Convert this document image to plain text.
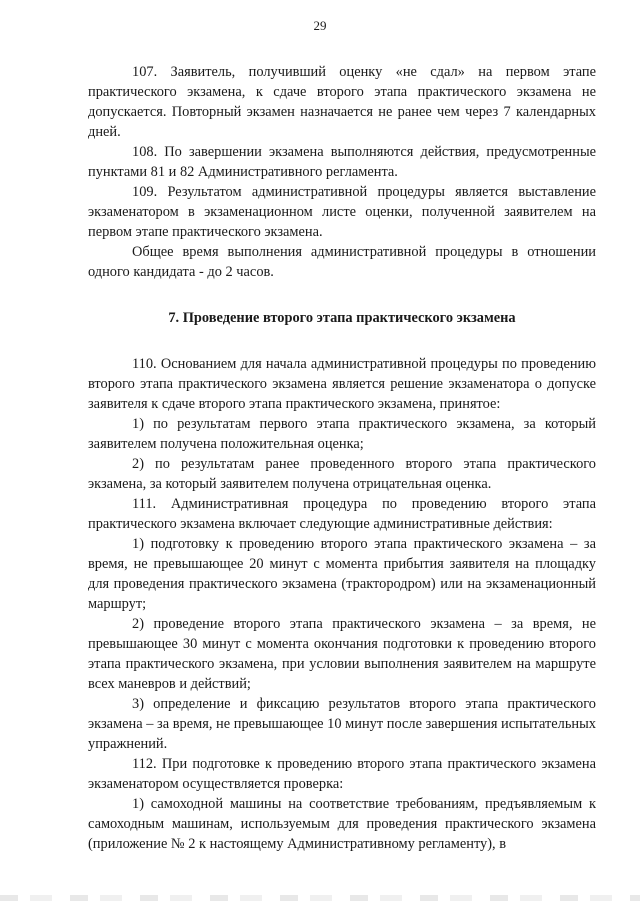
29

107. Заявитель, получивший оценку «не сдал» на первом этапе практического экзамена, к сдаче второго этапа практического экзамена не допускается. Повторный экзамен назначается не ранее чем через 7 календарных дней.

108. По завершении экзамена выполняются действия, предусмотренные пунктами 81 и 82 Административного регламента.

109. Результатом административной процедуры является выставление экзаменатором в экзаменационном листе оценки, полученной заявителем на первом этапе практического экзамена.

Общее время выполнения административной процедуры в отношении одного кандидата - до 2 часов.

7. Проведение второго этапа практического экзамена

110. Основанием для начала административной процедуры по проведению второго этапа практического экзамена является решение экзаменатора о допуске заявителя к сдаче второго этапа практического экзамена, принятое:

1) по результатам первого этапа практического экзамена, за который заявителем получена положительная оценка;

2) по результатам ранее проведенного второго этапа практического экзамена, за который заявителем получена отрицательная оценка.

111. Административная процедура по проведению второго этапа практического экзамена включает следующие административные действия:

1) подготовку к проведению второго этапа практического экзамена – за время, не превышающее 20 минут с момента прибытия заявителя на площадку для проведения практического экзамена (трактородром) или на экзаменационный маршрут;

2) проведение второго этапа практического экзамена – за время, не превышающее 30 минут с момента окончания подготовки к проведению второго этапа практического экзамена, при условии выполнения заявителем на маршруте всех маневров и действий;

3) определение и фиксацию результатов второго этапа практического экзамена – за время, не превышающее 10 минут после завершения испытательных упражнений.

112. При подготовке к проведению второго этапа практического экзамена экзаменатором осуществляется проверка:

1) самоходной машины на соответствие требованиям, предъявляемым к самоходным машинам, используемым для проведения практического экзамена (приложение № 2 к настоящему Административному регламенту), в
